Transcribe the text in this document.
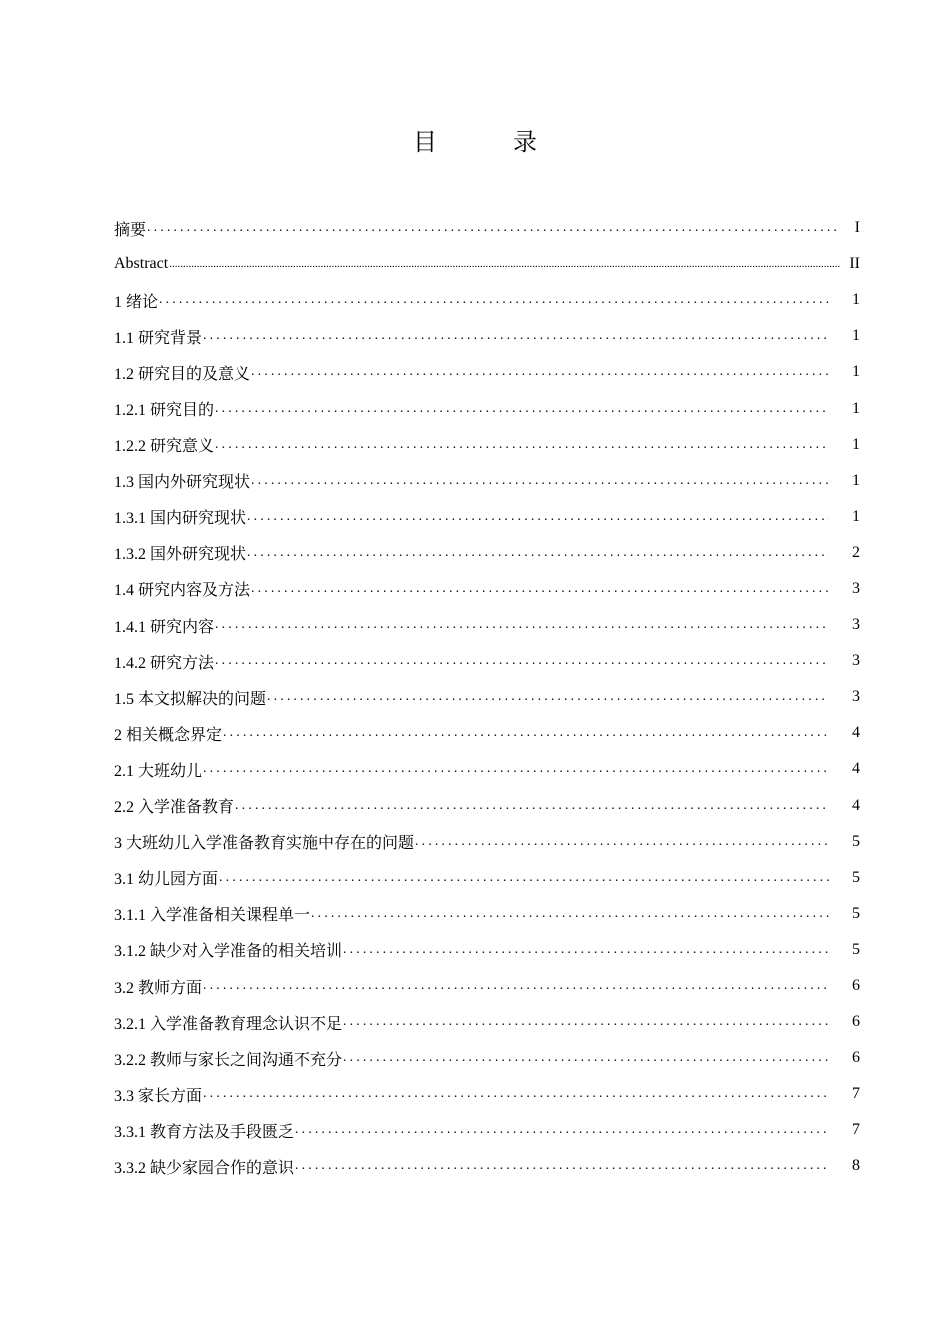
目　录
摘要 .....	I
Abstract .....	II
1 绪论 .....	1
1.1 研究背景 .....	1
1.2 研究目的及意义 .....	1
1.2.1 研究目的 .....	1
1.2.2 研究意义 .....	1
1.3 国内外研究现状 .....	1
1.3.1 国内研究现状 .....	1
1.3.2 国外研究现状 .....	2
1.4 研究内容及方法 .....	3
1.4.1 研究内容 .....	3
1.4.2 研究方法 .....	3
1.5 本文拟解决的问题 .....	3
2 相关概念界定 .....	4
2.1 大班幼儿 .....	4
2.2 入学准备教育 .....	4
3 大班幼儿入学准备教育实施中存在的问题 .....	5
3.1 幼儿园方面 .....	5
3.1.1 入学准备相关课程单一 .....	5
3.1.2 缺少对入学准备的相关培训 .....	5
3.2 教师方面 .....	6
3.2.1 入学准备教育理念认识不足 .....	6
3.2.2 教师与家长之间沟通不充分 .....	6
3.3 家长方面 .....	7
3.3.1 教育方法及手段匮乏 .....	7
3.3.2 缺少家园合作的意识 .....	8
